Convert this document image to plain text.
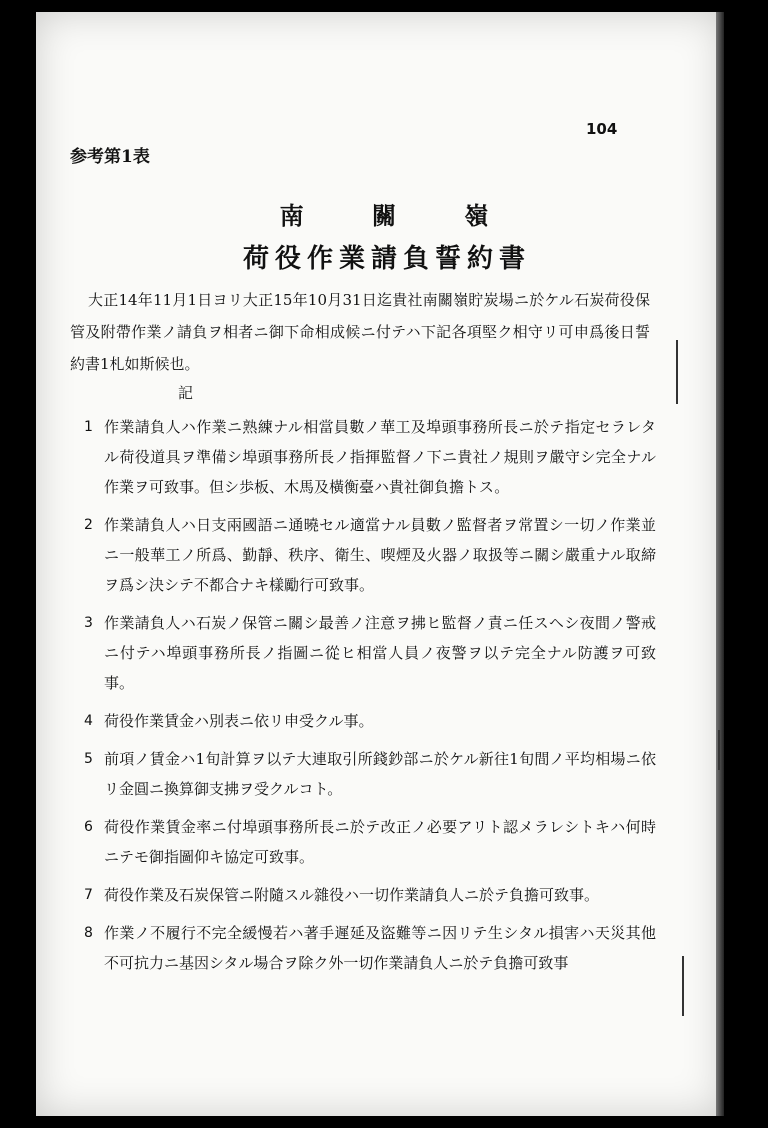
104
参考第1表
南 關 嶺
荷役作業請負誓約書
大正14年11月1日ヨリ大正15年10月31日迄貴社南關嶺貯炭場ニ於ケル石炭荷役保管及附帶作業ノ請負ヲ相者ニ御下命相成候ニ付テハ下記各項堅ク相守リ可申爲後日誓約書1札如斯候也。
記
1 作業請負人ハ作業ニ熟練ナル相當員數ノ華工及埠頭事務所長ニ於テ指定セラレタル荷役道具ヲ準備シ埠頭事務所長ノ指揮監督ノ下ニ貴社ノ規則ヲ嚴守シ完全ナル作業ヲ可致事。但シ歩板、木馬及橫衡臺ハ貴社御負擔トス。
2 作業請負人ハ日支兩國語ニ通曉セル適當ナル員數ノ監督者ヲ常置シ一切ノ作業並ニ一般華工ノ所爲、勤靜、秩序、衛生、喫煙及火器ノ取扱等ニ關シ嚴重ナル取締ヲ爲シ決シテ不都合ナキ樣勵行可致事。
3 作業請負人ハ石炭ノ保管ニ關シ最善ノ注意ヲ拂ヒ監督ノ責ニ任スヘシ夜間ノ警戒ニ付テハ埠頭事務所長ノ指圖ニ從ヒ相當人員ノ夜警ヲ以テ完全ナル防護ヲ可致事。
4 荷役作業賃金ハ別表ニ依リ申受クル事。
5 前項ノ賃金ハ1旬計算ヲ以テ大連取引所錢鈔部ニ於ケル新往1旬間ノ平均相場ニ依リ金圓ニ換算御支拂ヲ受クルコト。
6 荷役作業賃金率ニ付埠頭事務所長ニ於テ改正ノ必要アリト認メラレシトキハ何時ニテモ御指圖仰キ協定可致事。
7 荷役作業及石炭保管ニ附隨スル雜役ハ一切作業請負人ニ於テ負擔可致事。
8 作業ノ不履行不完全緩慢若ハ著手遲延及盜難等ニ因リテ生シタル損害ハ天災其他不可抗力ニ基因シタル場合ヲ除ク外一切作業請負人ニ於テ負擔可致事
